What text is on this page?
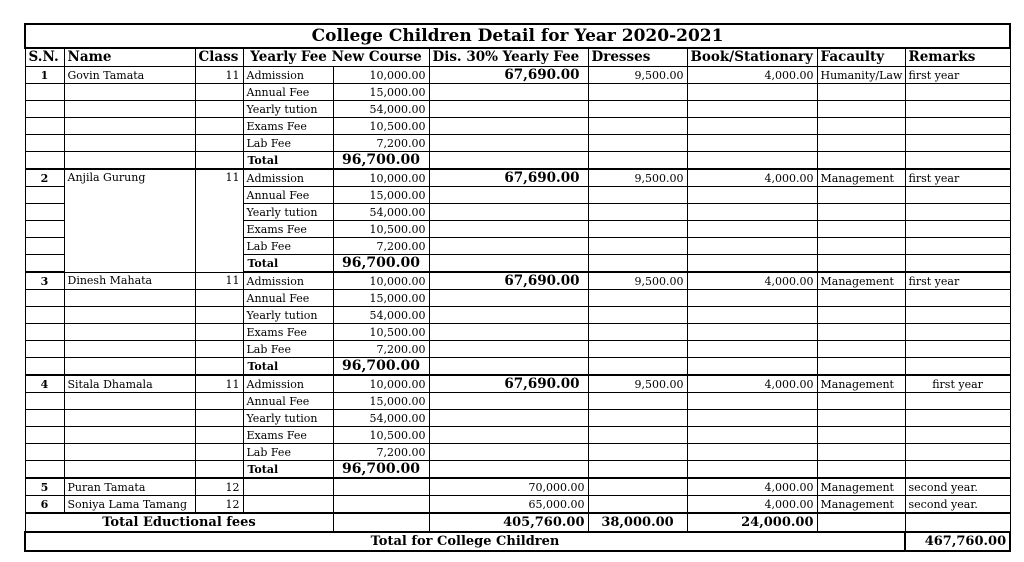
College Children Detail for Year 2020-2021									
S.N.	Name	Class	Yearly Fee New Course		Dis. 30% Yearly Fee	Dresses	Book/Stationary	Facaulty	Remarks
1	Govin Tamata	11	Admission	10,000.00	67,690.00	9,500.00	4,000.00	Humanity/Law	first year
			Annual Fee	15,000.00					
			Yearly tution	54,000.00					
			Exams Fee	10,500.00					
			Lab Fee	7,200.00					
			Total	96,700.00					
2	Anjila Gurung	11	Admission	10,000.00	67,690.00	9,500.00	4,000.00	Management	first year
			Annual Fee	15,000.00					
			Yearly tution	54,000.00					
			Exams Fee	10,500.00					
			Lab Fee	7,200.00					
			Total	96,700.00					
3	Dinesh Mahata	11	Admission	10,000.00	67,690.00	9,500.00	4,000.00	Management	first year
			Annual Fee	15,000.00					
			Yearly tution	54,000.00					
			Exams Fee	10,500.00					
			Lab Fee	7,200.00					
			Total	96,700.00					
4	Sitala Dhamala	11	Admission	10,000.00	67,690.00	9,500.00	4,000.00	Management	first year
			Annual Fee	15,000.00					
			Yearly tution	54,000.00					
			Exams Fee	10,500.00					
			Lab Fee	7,200.00					
			Total	96,700.00					
5	Puran Tamata	12			70,000.00		4,000.00	Management	second year.
6	Soniya Lama Tamang	12			65,000.00		4,000.00	Management	second year.
Total Eductional fees					405,760.00	38,000.00	24,000.00		
Total for College Children									467,760.00
